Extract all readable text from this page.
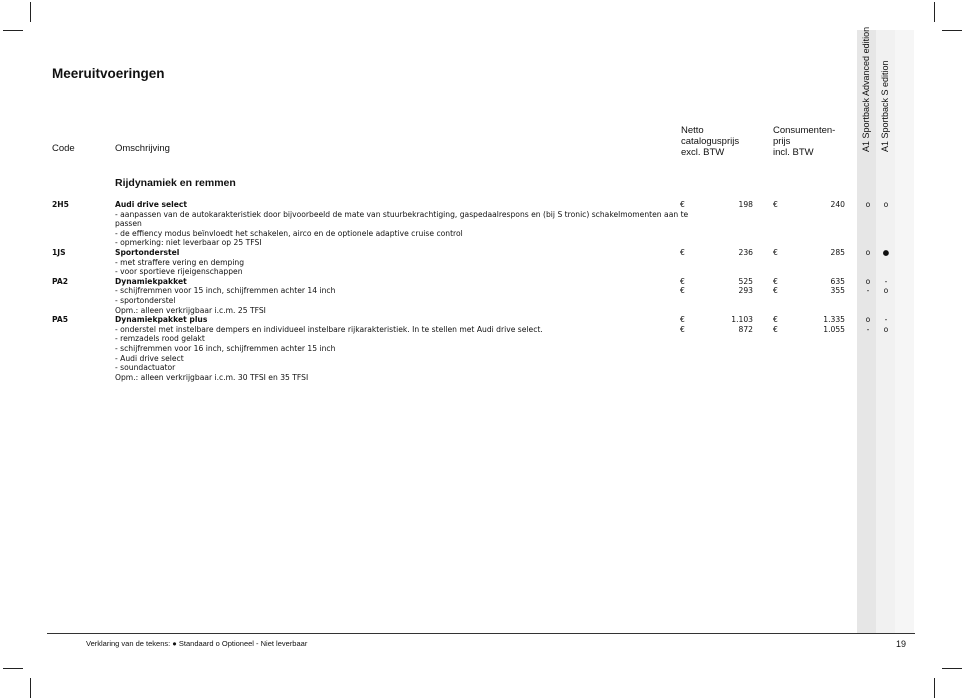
Meeruitvoeringen
Code	Omschrijving
Netto
catalogusprijs
excl. BTW
Consumenten-
prijs
incl. BTW
A1 Sportback Advanced edition A1 Sportback S edition
Rijdynamiek en remmen
2H5	Audi drive select	€	198	€	240	o	o
- aanpassen van de autokarakteristiek door bijvoorbeeld de mate van stuurbekrachtiging, gaspedaalrespons en (bij S tronic) schakelmomenten aan te
passen
- de effiency modus beïnvloedt het schakelen, airco en de optionele adaptive cruise control
- opmerking: niet leverbaar op 25 TFSI
1JS	Sportonderstel	€	236	€	285	o	●
- met straffere vering en demping
- voor sportieve rijeigenschappen
PA2	Dynamiekpakket	€	525	€	635	o	-
- schijfremmen voor 15 inch, schijfremmen achter 14 inch	€	293	€	355	-	o
- sportonderstel
Opm.: alleen verkrijgbaar i.c.m. 25 TFSI
PA5	Dynamiekpakket plus	€	1.103	€	1.335	o	-
- onderstel met instelbare dempers en individueel instelbare rijkarakteristiek. In te stellen met Audi drive select.	€	872	€	1.055	-	o
- remzadels rood gelakt
- schijfremmen voor 16 inch, schijfremmen achter 15 inch
- Audi drive select
- soundactuator
Opm.: alleen verkrijgbaar i.c.m. 30 TFSI en 35 TFSI
Verklaring van de tekens: ● Standaard o Optioneel - Niet leverbaar	19
